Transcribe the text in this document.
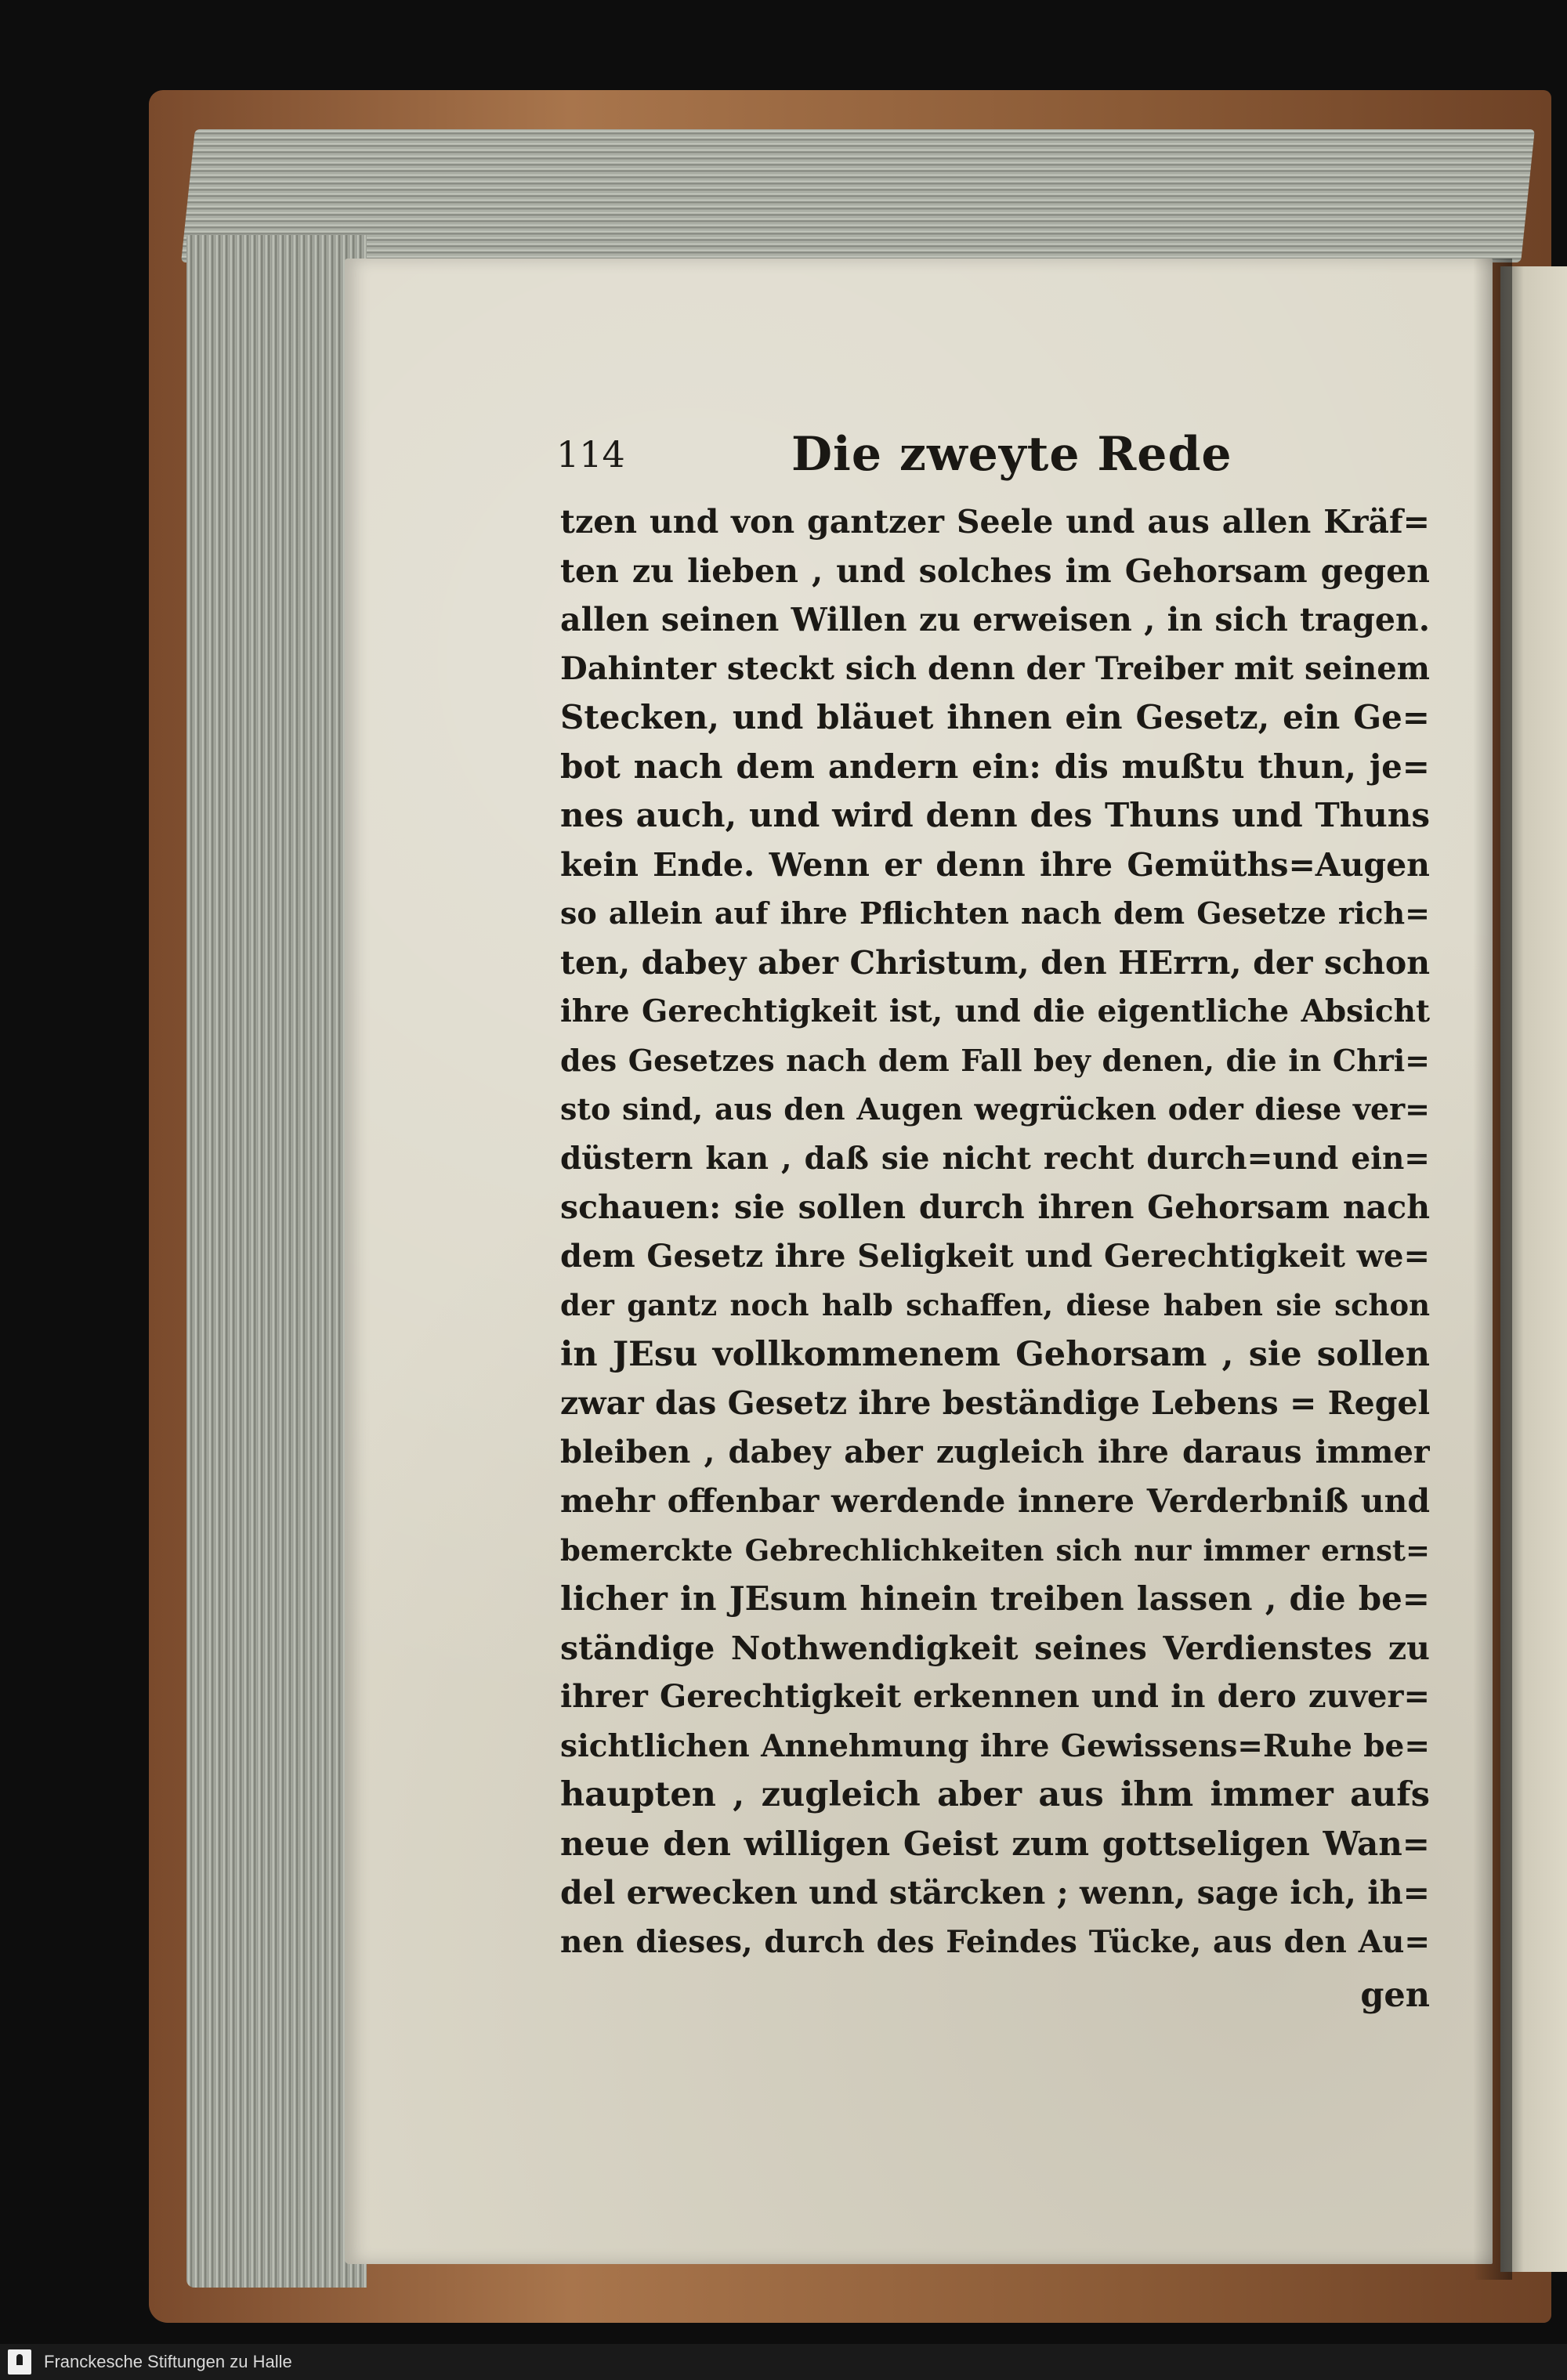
114	Die zweyte Rede
tzen und von gantzer Seele und aus allen Kräf=
ten zu lieben , und solches im Gehorsam gegen
allen seinen Willen zu erweisen , in sich tragen.
Dahinter steckt sich denn der Treiber mit seinem
Stecken, und bläuet ihnen ein Gesetz, ein Ge=
bot nach dem andern ein: dis mußtu thun, je=
nes auch, und wird denn des Thuns und Thuns
kein Ende. Wenn er denn ihre Gemüths=Augen
so allein auf ihre Pflichten nach dem Gesetze rich=
ten, dabey aber Christum, den HErrn, der schon
ihre Gerechtigkeit ist, und die eigentliche Absicht
des Gesetzes nach dem Fall bey denen, die in Chri=
sto sind, aus den Augen wegrücken oder diese ver=
düstern kan , daß sie nicht recht durch=und ein=
schauen: sie sollen durch ihren Gehorsam nach
dem Gesetz ihre Seligkeit und Gerechtigkeit we=
der gantz noch halb schaffen, diese haben sie schon
in JEsu vollkommenem Gehorsam , sie sollen
zwar das Gesetz ihre beständige Lebens = Regel
bleiben , dabey aber zugleich ihre daraus immer
mehr offenbar werdende innere Verderbniß und
bemerckte Gebrechlichkeiten sich nur immer ernst=
licher in JEsum hinein treiben lassen , die be=
ständige Nothwendigkeit seines Verdienstes zu
ihrer Gerechtigkeit erkennen und in dero zuver=
sichtlichen Annehmung ihre Gewissens=Ruhe be=
haupten , zugleich aber aus ihm immer aufs
neue den willigen Geist zum gottseligen Wan=
del erwecken und stärcken ; wenn, sage ich, ih=
nen dieses, durch des Feindes Tücke, aus den Au=
gen
Franckesche Stiftungen zu Halle
